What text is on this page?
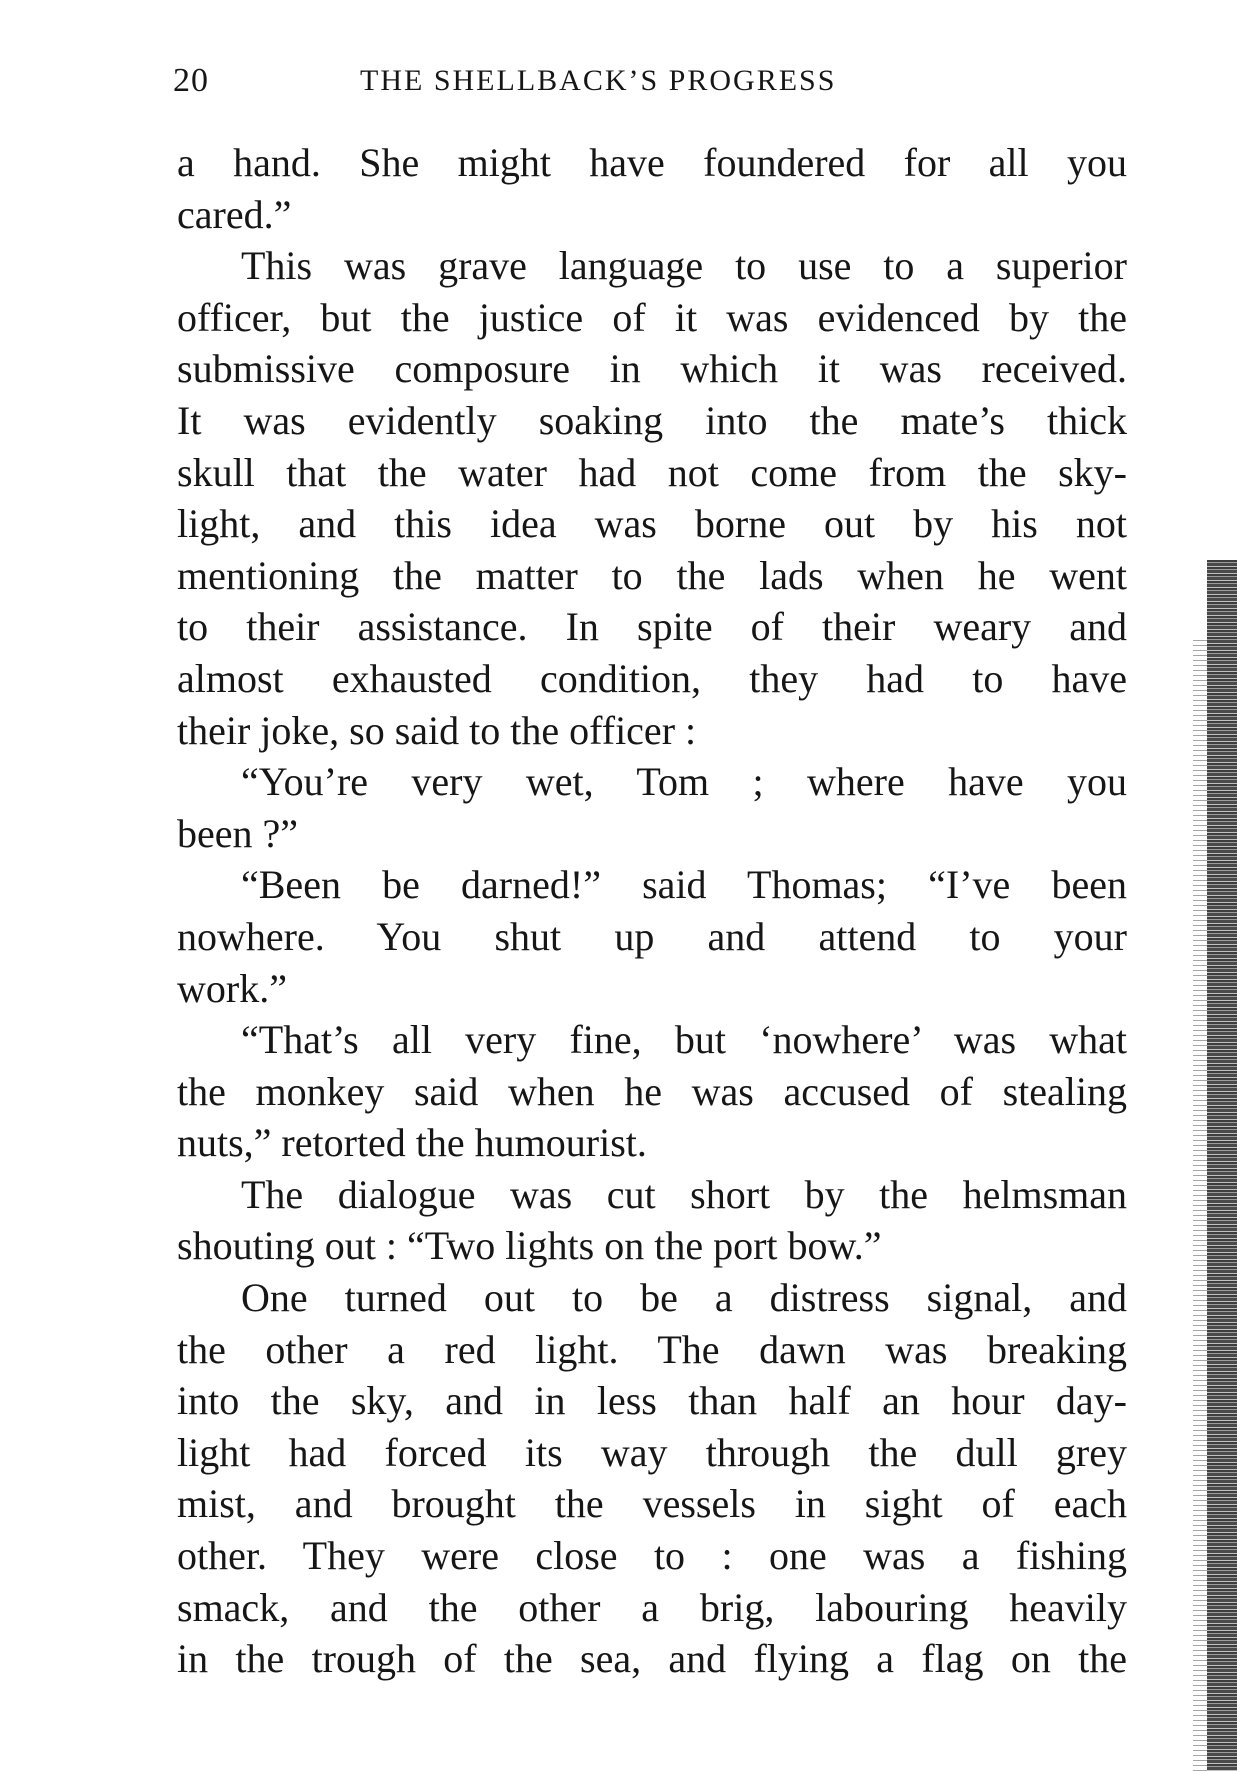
20	THE SHELLBACK’S PROGRESS
a hand. She might have foundered for all you
cared.”
This was grave language to use to a superior
officer, but the justice of it was evidenced by the
submissive composure in which it was received.
It was evidently soaking into the mate’s thick
skull that the water had not come from the sky-
light, and this idea was borne out by his not
mentioning the matter to the lads when he went
to their assistance. In spite of their weary and
almost exhausted condition, they had to have
their joke, so said to the officer :
“You’re very wet, Tom ; where have you
been ?”
“Been be darned!” said Thomas; “I’ve been
nowhere. You shut up and attend to your
work.”
“That’s all very fine, but ‘nowhere’ was what
the monkey said when he was accused of stealing
nuts,” retorted the humourist.
The dialogue was cut short by the helmsman
shouting out : “Two lights on the port bow.”
One turned out to be a distress signal, and
the other a red light. The dawn was breaking
into the sky, and in less than half an hour day-
light had forced its way through the dull grey
mist, and brought the vessels in sight of each
other. They were close to : one was a fishing
smack, and the other a brig, labouring heavily
in the trough of the sea, and flying a flag on the
